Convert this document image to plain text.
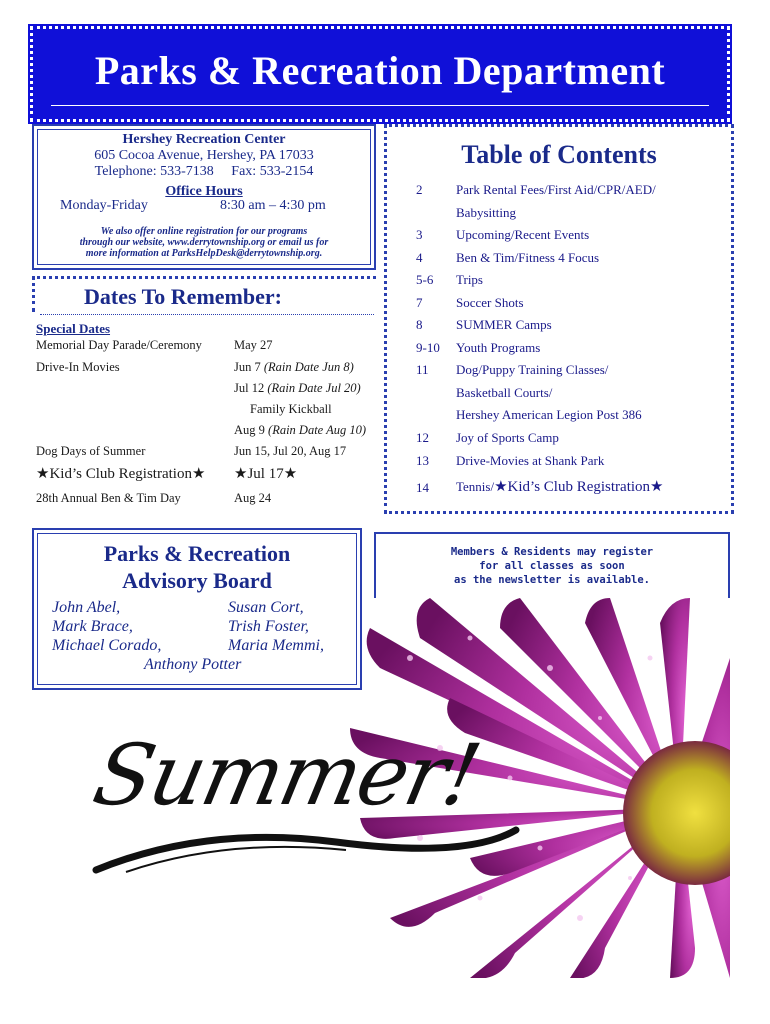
Parks & Recreation Department
Hershey Recreation Center
605 Cocoa Avenue, Hershey, PA 17033
Telephone: 533-7138     Fax: 533-2154
Office Hours
Monday-Friday	8:30 am – 4:30 pm
We also offer online registration for our programs
through our website, www.derrytownship.org or email us for
more information at ParksHelpDesk@derrytownship.org.
Dates To Remember:
Special Dates
Memorial Day Parade/Ceremony	May 27
Drive-In Movies	Jun 7 (Rain Date Jun 8)
Jul 12 (Rain Date Jul 20)
Family Kickball
Aug 9 (Rain Date Aug 10)
Dog Days of Summer	Jun 15, Jul 20, Aug 17
★Kid’s Club Registration★ ★Jul 17★
28th Annual Ben & Tim Day	Aug 24
Table of Contents
2	Park Rental Fees/First Aid/CPR/AED/
Babysitting
3	Upcoming/Recent Events
4	Ben & Tim/Fitness 4 Focus
5-6 Trips
7	Soccer Shots
8	SUMMER Camps
9-10 Youth Programs
11 Dog/Puppy Training Classes/
Basketball Courts/
Hershey American Legion Post 386
12 Joy of Sports Camp
13 Drive-Movies at Shank Park
14 Tennis/★Kid’s Club Registration★
Parks & Recreation
Advisory Board
John Abel,	Susan Cort,
Mark Brace,	Trish Foster,
Michael Corado,	Maria Memmi,
Anthony Potter
Members & Residents may register
for all classes as soon
as the newsletter is available.
Summer!
